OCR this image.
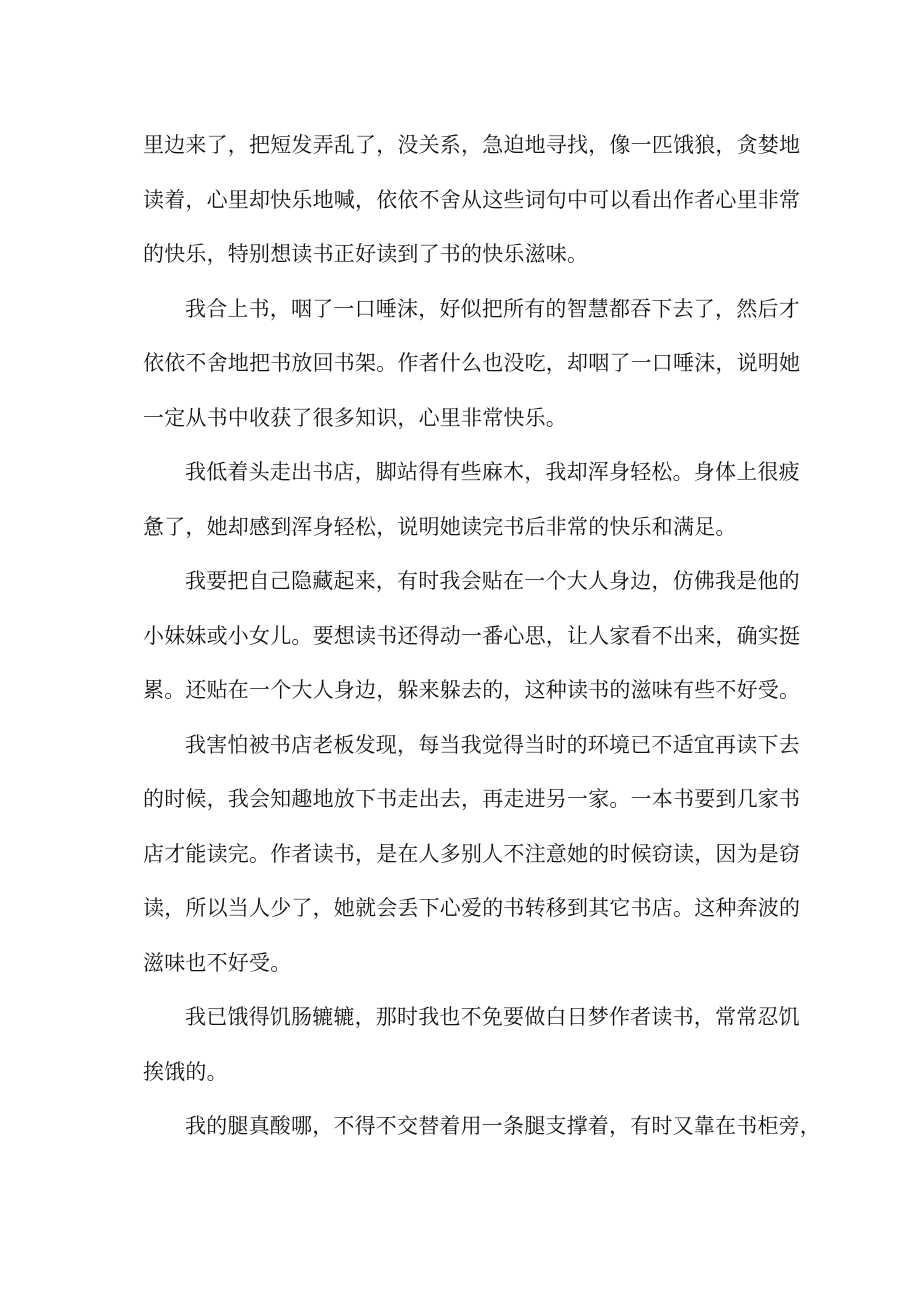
里边来了，把短发弄乱了，没关系，急迫地寻找，像一匹饿狼，贪婪地
读着，心里却快乐地喊，依依不舍从这些词句中可以看出作者心里非常
的快乐，特别想读书正好读到了书的快乐滋味。

我合上书，咽了一口唾沫，好似把所有的智慧都吞下去了，然后才
依依不舍地把书放回书架。作者什么也没吃，却咽了一口唾沫，说明她
一定从书中收获了很多知识，心里非常快乐。

我低着头走出书店，脚站得有些麻木，我却浑身轻松。身体上很疲
惫了，她却感到浑身轻松，说明她读完书后非常的快乐和满足。

我要把自己隐藏起来，有时我会贴在一个大人身边，仿佛我是他的
小妹妹或小女儿。要想读书还得动一番心思，让人家看不出来，确实挺
累。还贴在一个大人身边，躲来躲去的，这种读书的滋味有些不好受。

我害怕被书店老板发现，每当我觉得当时的环境已不适宜再读下去
的时候，我会知趣地放下书走出去，再走进另一家。一本书要到几家书
店才能读完。作者读书，是在人多别人不注意她的时候窃读，因为是窃
读，所以当人少了，她就会丢下心爱的书转移到其它书店。这种奔波的
滋味也不好受。

我已饿得饥肠辘辘，那时我也不免要做白日梦作者读书，常常忍饥
挨饿的。

我的腿真酸哪，不得不交替着用一条腿支撑着，有时又靠在书柜旁，
